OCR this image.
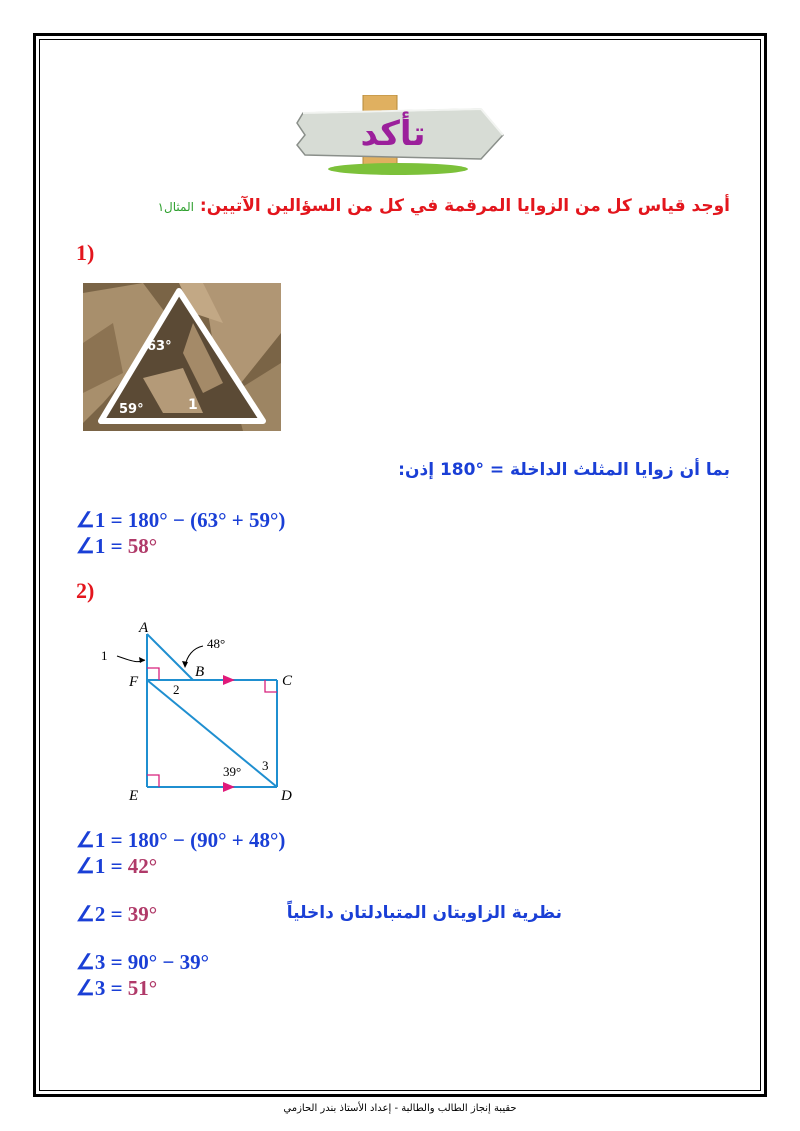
تأكد
أوجد قياس كل من الزوايا المرقمة في كل من السؤالين الآتيين: المثال١
1)
63°
59°	1
بما أن زوايا المثلث الداخلة = °180 إذن:
∠1 = 180° − (63° + 59°)
∠1 = 58°
2)
A
B
C
D
E
F
1
2
3
48°
39°
∠1 = 180° − (90° + 48°)
∠1 = 42°
∠2 = 39°	نظرية الزاويتان المتبادلتان داخلياً
∠3 = 90° − 39°
∠3 = 51°
حقيبة إنجاز الطالب والطالبة - إعداد الأستاذ بندر الحازمي
